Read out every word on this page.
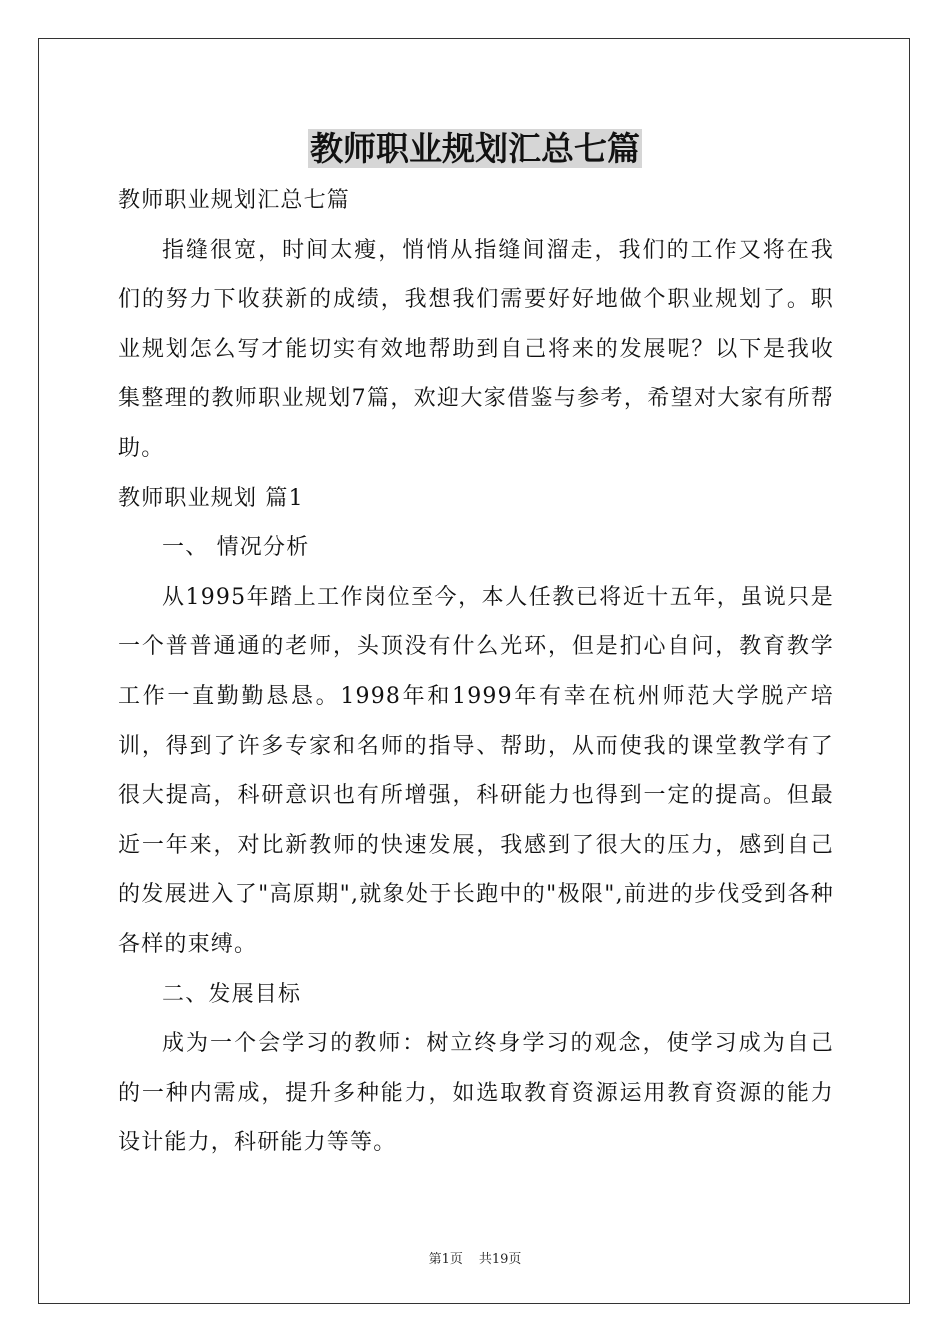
教师职业规划汇总七篇

教师职业规划汇总七篇

指缝很宽，时间太瘦，悄悄从指缝间溜走，我们的工作又将在我们的努力下收获新的成绩，我想我们需要好好地做个职业规划了。职业规划怎么写才能切实有效地帮助到自己将来的发展呢？以下是我收集整理的教师职业规划7篇，欢迎大家借鉴与参考，希望对大家有所帮助。

教师职业规划 篇1

一、 情况分析

从1995年踏上工作岗位至今，本人任教已将近十五年，虽说只是一个普普通通的老师，头顶没有什么光环，但是扪心自问，教育教学工作一直勤勤恳恳。1998年和1999年有幸在杭州师范大学脱产培训，得到了许多专家和名师的指导、帮助，从而使我的课堂教学有了很大提高，科研意识也有所增强，科研能力也得到一定的提高。但最近一年来，对比新教师的快速发展，我感到了很大的压力，感到自己的发展进入了"高原期",就象处于长跑中的"极限",前进的步伐受到各种各样的束缚。

二、发展目标

成为一个会学习的教师：树立终身学习的观念，使学习成为自己的一种内需成，提升多种能力，如选取教育资源运用教育资源的能力设计能力，科研能力等等。

第1页 共19页
